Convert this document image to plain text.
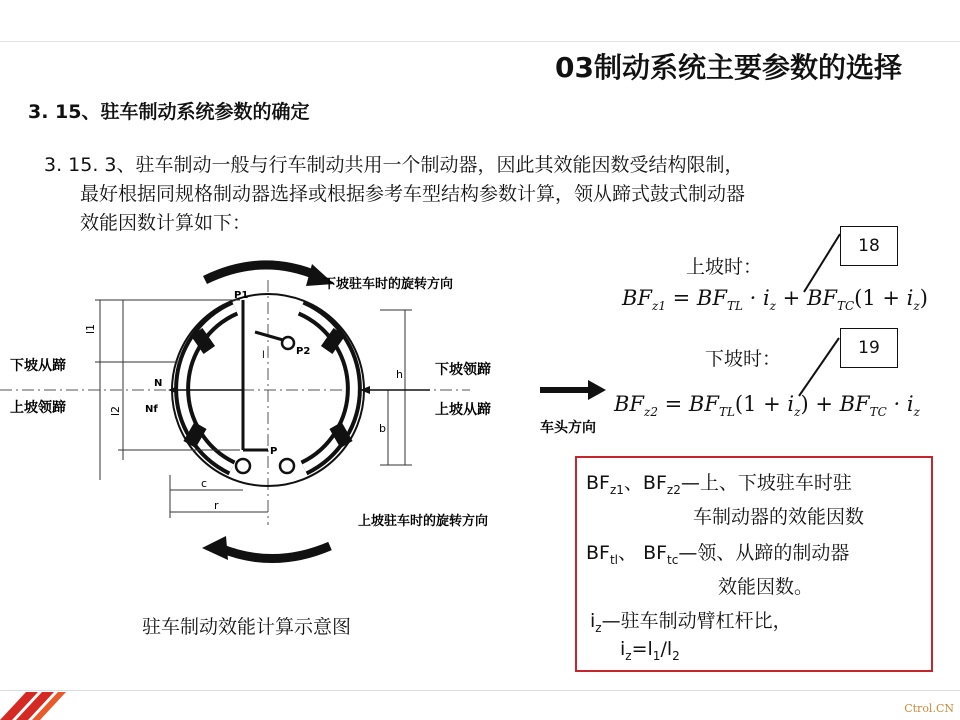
03制动系统主要参数的选择
3. 15、驻车制动系统参数的确定
3. 15. 3、驻车制动一般与行车制动共用一个制动器，因此其效能因数受结构限制，
最好根据同规格制动器选择或根据参考车型结构参数计算，领从蹄式鼓式制动器
效能因数计算如下：
下坡驻车时的旋转方向
上坡驻车时的旋转方向
下坡从蹄
上坡领蹄
下坡领蹄
上坡从蹄
车头方向
P1
P2
P
N
Nf
l1
l2
l
h
b
c
r
驻车制动效能计算示意图
上坡时：
18
$BF_{z1} = BF_{TL} \cdot i_z + BF_{TC}(1 + i_z)$
下坡时：	19
$BF_{z2} = BF_{TL}(1 + i_z) + BF_{TC} \cdot i_z$
$BF_{z1}$、$BF_{z2}—$上、下坡驻车时驻
车制动器的效能因数
$BF_{tl}$、 $BF_{tc}—$领、从蹄的制动器
效能因数。
$i_z—$驻车制动臂杠杆比，
$i_z=l_1/l_2$
Ctrol.CN
